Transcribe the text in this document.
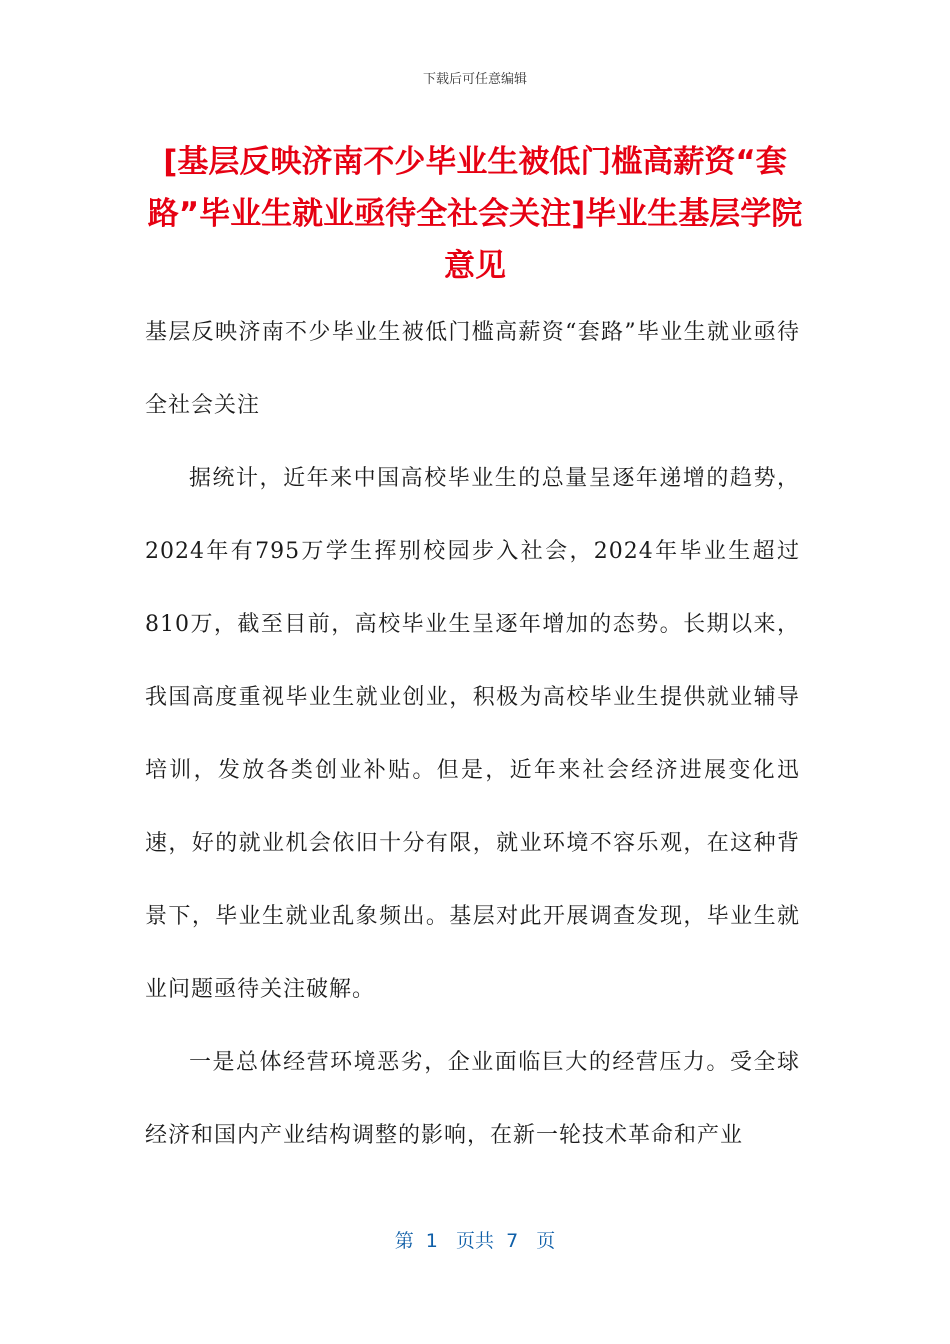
下载后可任意编辑
[基层反映济南不少毕业生被低门槛高薪资“套路”毕业生就业亟待全社会关注]毕业生基层学院意见

基层反映济南不少毕业生被低门槛高薪资“套路”毕业生就业亟待全社会关注

据统计，近年来中国高校毕业生的总量呈逐年递增的趋势，2024年有795万学生挥别校园步入社会，2024年毕业生超过810万，截至目前，高校毕业生呈逐年增加的态势。长期以来，我国高度重视毕业生就业创业，积极为高校毕业生提供就业辅导培训，发放各类创业补贴。但是，近年来社会经济进展变化迅速，好的就业机会依旧十分有限，就业环境不容乐观，在这种背景下，毕业生就业乱象频出。基层对此开展调查发现，毕业生就业问题亟待关注破解。

一是总体经营环境恶劣，企业面临巨大的经营压力。受全球经济和国内产业结构调整的影响，在新一轮技术革命和产业

第  1   页共  7   页
